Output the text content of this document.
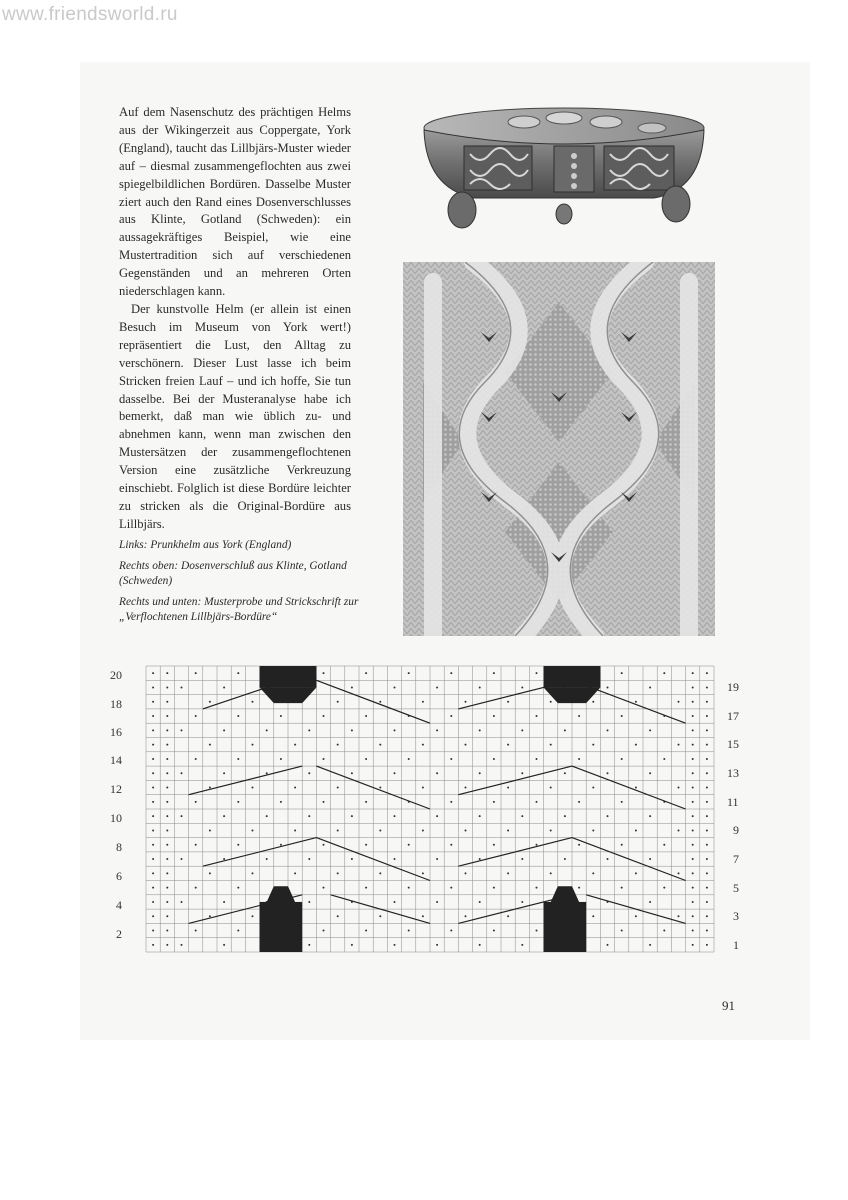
www.friendsworld.ru

Auf dem Nasenschutz des prächtigen Helms aus der Wikingerzeit aus Coppergate, York (England), taucht das Lillbjärs-Muster wieder auf – diesmal zusammengeflochten aus zwei spiegelbildlichen Bordüren. Dasselbe Muster ziert auch den Rand eines Dosenverschlusses aus Klinte, Gotland (Schweden): ein aussagekräftiges Beispiel, wie eine Mustertradition sich auf verschiedenen Gegenständen und an mehreren Orten niederschlagen kann.

Der kunstvolle Helm (er allein ist einen Besuch im Museum von York wert!) repräsentiert die Lust, den Alltag zu verschönern. Dieser Lust lasse ich beim Stricken freien Lauf – und ich hoffe, Sie tun dasselbe. Bei der Musteranalyse habe ich bemerkt, daß man wie üblich zu- und abnehmen kann, wenn man zwischen den Mustersätzen der zusammengeflochtenen Version eine zusätzliche Verkreuzung einschiebt. Folglich ist diese Bordüre leichter zu stricken als die Original-Bordüre aus Lillbjärs.

Links: Prunkhelm aus York (England)
Rechts oben: Dosenverschluß aus Klinte, Gotland (Schweden)
Rechts und unten: Musterprobe und Strickschrift zur „Verflochtenen Lillbjärs-Bordüre“
20
18
16
14
12
10
8
6
4
2
19
17
15
13
11
9
7
5
3
1
91
